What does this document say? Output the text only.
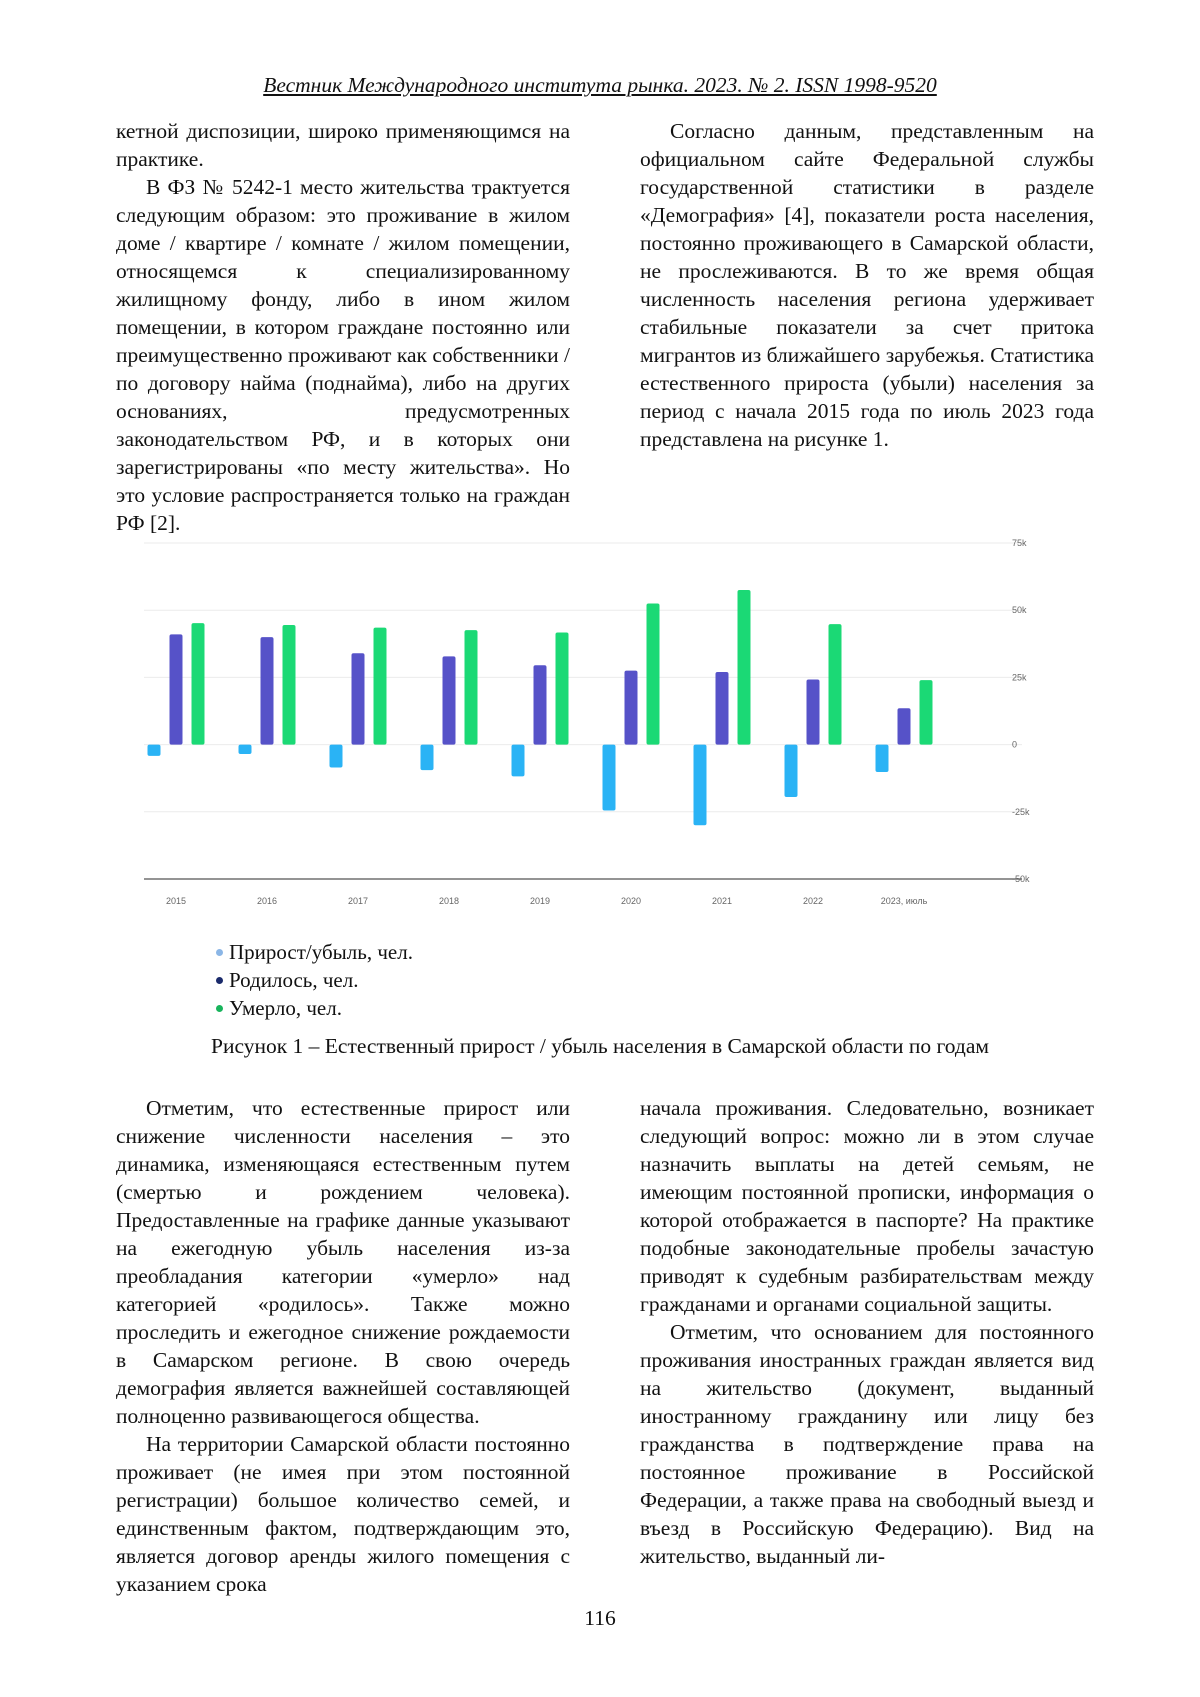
Вестник Международного института рынка. 2023. № 2. ISSN 1998-9520

кетной диспозиции, широко применяющимся на практике.

В ФЗ № 5242-1 место жительства трактуется следующим образом: это проживание в жилом доме / квартире / комнате / жилом помещении, относящемся к специализированному жилищному фонду, либо в ином жилом помещении, в котором граждане постоянно или преимущественно проживают как собственники / по договору найма (поднайма), либо на других основаниях, предусмотренных законодательством РФ, и в которых они зарегистрированы «по месту жительства». Но это условие распространяется только на граждан РФ [2].

Согласно данным, представленным на официальном сайте Федеральной службы государственной статистики в разделе «Демография» [4], показатели роста населения, постоянно проживающего в Самарской области, не прослеживаются. В то же время общая численность населения региона удерживает стабильные показатели за счет притока мигрантов из ближайшего зарубежья. Статистика естественного прироста (убыли) населения за период с начала 2015 года по июль 2023 года представлена на рисунке 1.

75k
50k
25k
0
-25k
-50k
2015	2016	2017	2018	2019	2020	2021	2022	2023, июль
Прирост/убыль, чел.
Родилось, чел.
Умерло, чел.
Рисунок 1 – Естественный прирост / убыль населения в Самарской области по годам

Отметим, что естественные прирост или снижение численности населения – это динамика, изменяющаяся естественным путем (смертью и рождением человека). Предоставленные на графике данные указывают на ежегодную убыль населения из-за преобладания категории «умерло» над категорией «родилось». Также можно проследить и ежегодное снижение рождаемости в Самарском регионе. В свою очередь демография является важнейшей составляющей полноценно развивающегося общества.

На территории Самарской области постоянно проживает (не имея при этом постоянной регистрации) большое количество семей, и единственным фактом, подтверждающим это, является договор аренды жилого помещения с указанием срока

начала проживания. Следовательно, возникает следующий вопрос: можно ли в этом случае назначить выплаты на детей семьям, не имеющим постоянной прописки, информация о которой отображается в паспорте? На практике подобные законодательные пробелы зачастую приводят к судебным разбирательствам между гражданами и органами социальной защиты.

Отметим, что основанием для постоянного проживания иностранных граждан является вид на жительство (документ, выданный иностранному гражданину или лицу без гражданства в подтверждение права на постоянное проживание в Российской Федерации, а также права на свободный выезд и въезд в Российскую Федерацию). Вид на жительство, выданный ли-

116
